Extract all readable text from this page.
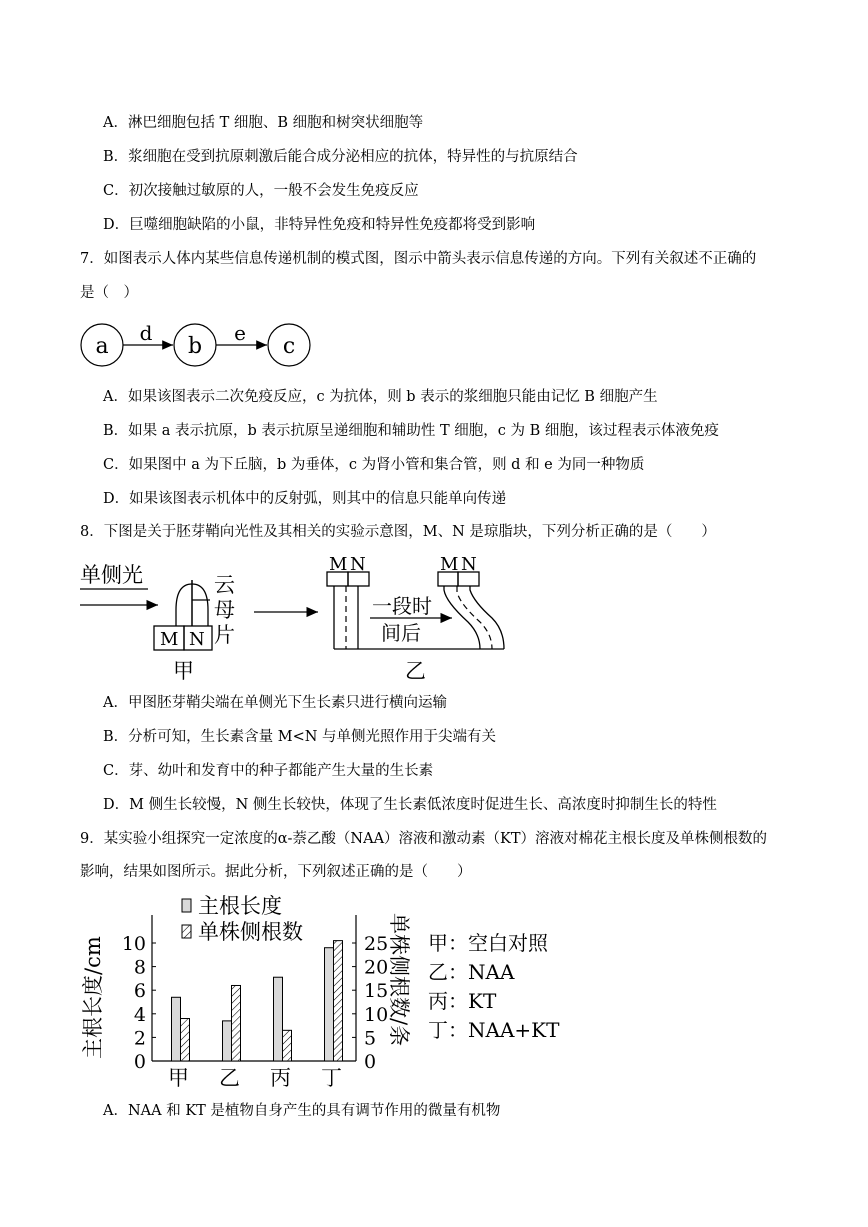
A．淋巴细胞包括 T 细胞、B 细胞和树突状细胞等
B．浆细胞在受到抗原刺激后能合成分泌相应的抗体，特异性的与抗原结合
C．初次接触过敏原的人，一般不会发生免疫反应
D．巨噬细胞缺陷的小鼠，非特异性免疫和特异性免疫都将受到影响
7．如图表示人体内某些信息传递机制的模式图，图示中箭头表示信息传递的方向。下列有关叙述不正确的
是（　）
a
d
b
e
c
A．如果该图表示二次免疫反应，c 为抗体，则 b 表示的浆细胞只能由记忆 B 细胞产生
B．如果 a 表示抗原，b 表示抗原呈递细胞和辅助性 T 细胞，c 为 B 细胞，该过程表示体液免疫
C．如果图中 a 为下丘脑，b 为垂体，c 为肾小管和集合管，则 d 和 e 为同一种物质
D．如果该图表示机体中的反射弧，则其中的信息只能单向传递
8．下图是关于胚芽鞘向光性及其相关的实验示意图，M、N 是琼脂块，下列分析正确的是（　　）
单侧光	云
母
片
M N
甲
M N
一段时
间后
M N
乙
A．甲图胚芽鞘尖端在单侧光下生长素只进行横向运输
B．分析可知，生长素含量 M<N 与单侧光照作用于尖端有关
C．芽、幼叶和发育中的种子都能产生大量的生长素
D．M 侧生长较慢，N 侧生长较快，体现了生长素低浓度时促进生长、高浓度时抑制生长的特性
9．某实验小组探究一定浓度的α-萘乙酸（NAA）溶液和激动素（KT）溶液对棉花主根长度及单株侧根数的
影响，结果如图所示。据此分析，下列叙述正确的是（　　）
0
2
4
6
8
10
0
5
10
15
20
25
主根长度/cm	单株侧根数/条
甲 乙 丙 丁
主根长度
单株侧根数	甲：空白对照
乙：NAA
丙：KT
丁：NAA+KT
A．NAA 和 KT 是植物自身产生的具有调节作用的微量有机物
